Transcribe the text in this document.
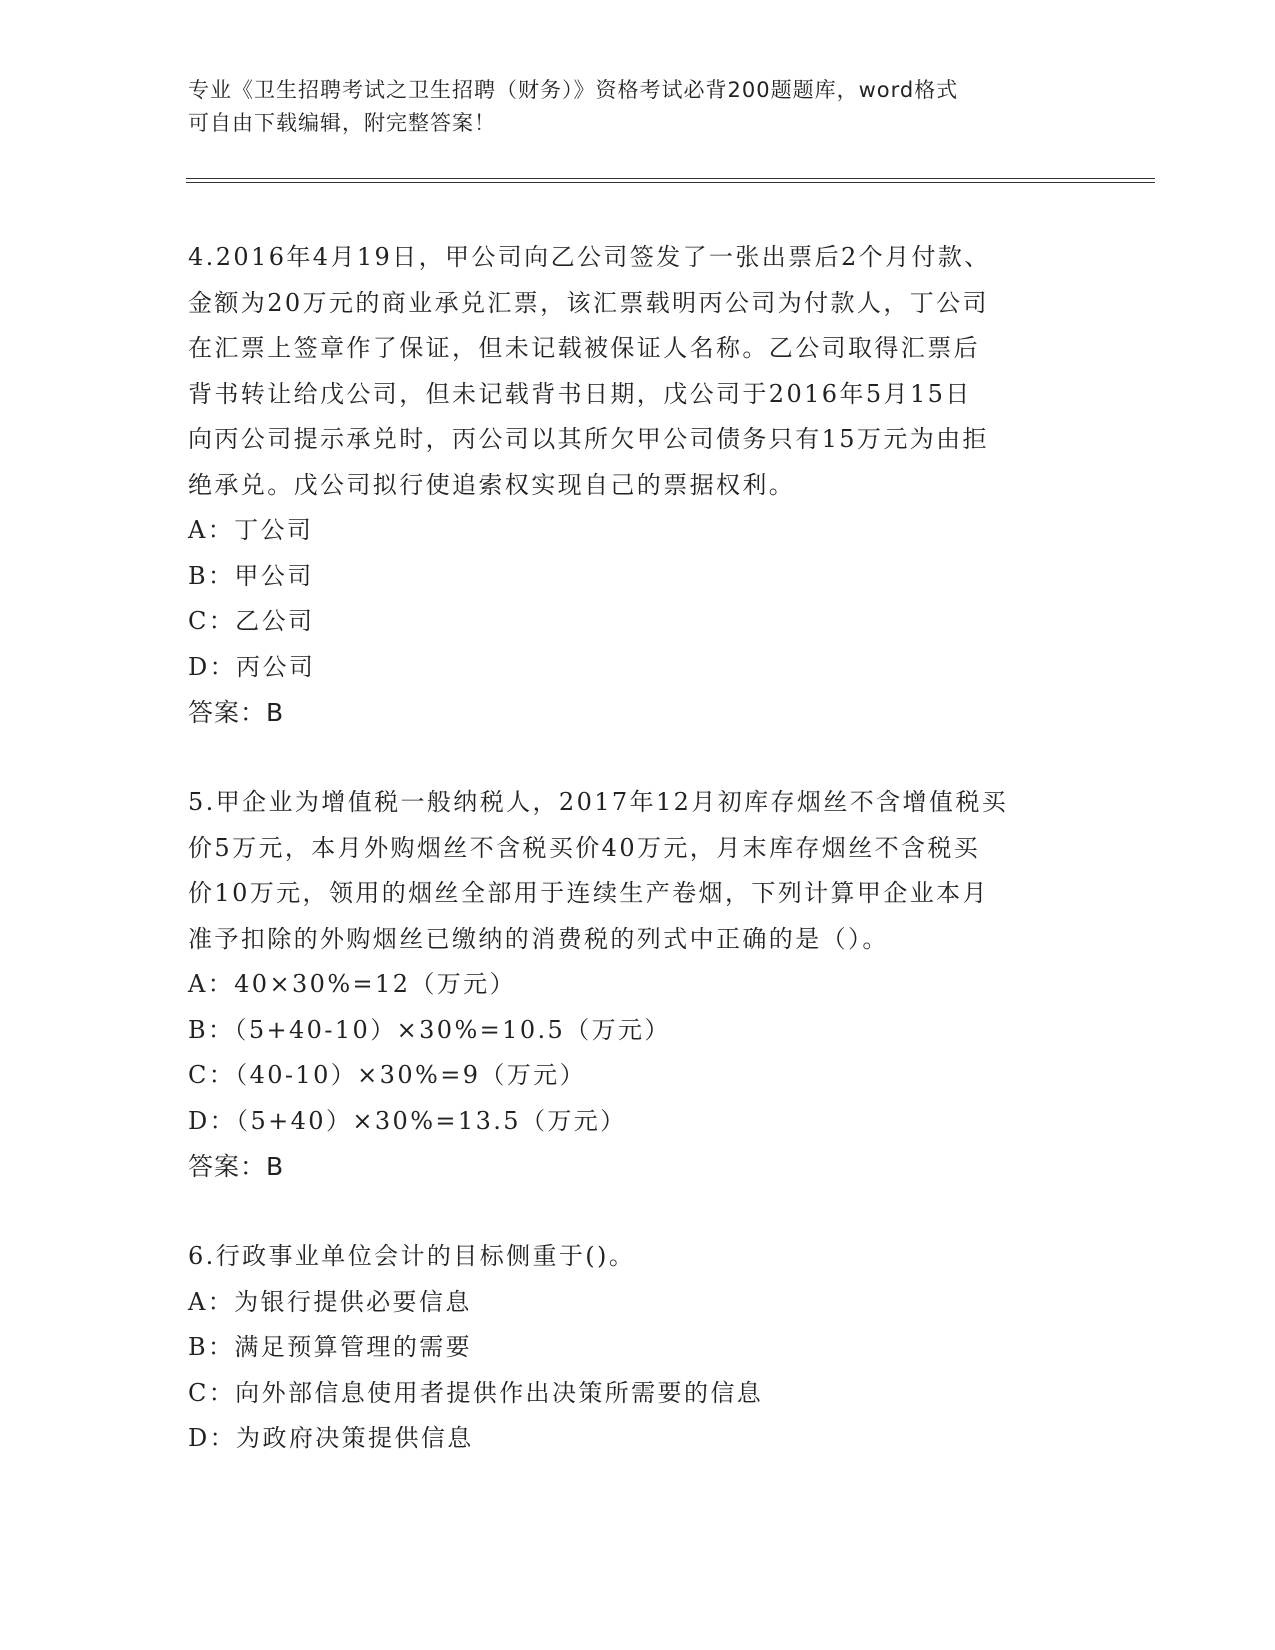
专业《卫生招聘考试之卫生招聘（财务）》资格考试必背200题题库，word格式
可自由下载编辑，附完整答案！
4.2016年4月19日，甲公司向乙公司签发了一张出票后2个月付款、
金额为20万元的商业承兑汇票，该汇票载明丙公司为付款人，丁公司
在汇票上签章作了保证，但未记载被保证人名称。乙公司取得汇票后
背书转让给戊公司，但未记载背书日期，戊公司于2016年5月15日
向丙公司提示承兑时，丙公司以其所欠甲公司债务只有15万元为由拒
绝承兑。戊公司拟行使追索权实现自己的票据权利。
A：丁公司
B：甲公司
C：乙公司
D：丙公司
答案：B
5.甲企业为增值税一般纳税人，2017年12月初库存烟丝不含增值税买
价5万元，本月外购烟丝不含税买价40万元，月末库存烟丝不含税买
价10万元，领用的烟丝全部用于连续生产卷烟，下列计算甲企业本月
准予扣除的外购烟丝已缴纳的消费税的列式中正确的是（）。
A：40×30%=12（万元）
B：（5+40-10）×30%=10.5（万元）
C：（40-10）×30%=9（万元）
D：（5+40）×30%=13.5（万元）
答案：B
6.行政事业单位会计的目标侧重于()。
A：为银行提供必要信息
B：满足预算管理的需要
C：向外部信息使用者提供作出决策所需要的信息
D：为政府决策提供信息
